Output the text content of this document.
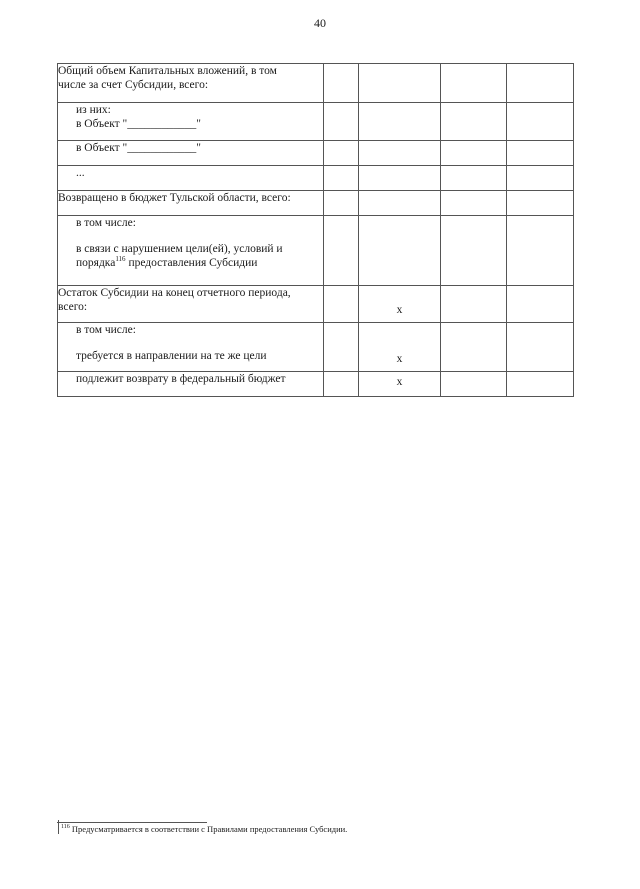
40
Общий объем Капитальных вложений, в том
числе за счет Субсидии, всего:				

из них:
в Объект "____________"				

в Объект "____________"				

...				

Возвращено в бюджет Тульской области, всего:				

в том числе:
в связи с нарушением цели(ей), условий и
порядка$^{116}$ предоставления Субсидии				

Остаток Субсидии на конец отчетного периода,
всего:		x		

в том числе:
требуется в направлении на те же цели		x		

подлежит возврату в федеральный бюджет		x		
$^{116}$ Предусматривается в соответствии с Правилами предоставления Субсидии.
